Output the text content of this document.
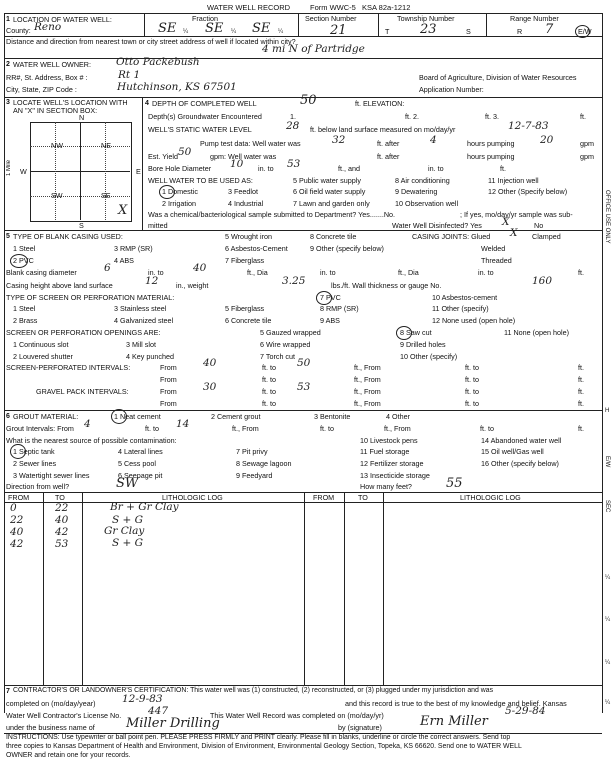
WATER WELL RECORD	Form WWC-5 KSA 82a-1212
1 LOCATION OF WATER WELL:	Fraction
County: Reno	SE ¼ SE ¼ SE ¼
Section Number
21
Township Number
T 23	S
Range Number
R 7	E/W
Distance and direction from nearest town or city street address of well if located within city?
4 mi N of Partridge
2 WATER WELL OWNER: Otto Packebush
RR#, St. Address, Box # :	Rt 1	Board of Agriculture, Division of Water Resources
City, State, ZIP Code :	Hutchinson, KS 67501	Application Number:
3 LOCATE WELL'S LOCATION WITH
AN "X" IN SECTION BOX:
N
S
W	E
1 Mile
NW	NE
SW	SE
X
4 DEPTH OF COMPLETED WELL	50	ft. ELEVATION:
Depth(s) Groundwater Encountered	1.	ft. 2.	ft. 3.	ft.
WELL'S STATIC WATER LEVEL	28 ft. below land surface measured on mo/day/yr	12-7-83
Pump test data: Well water was	32	ft. after	4	hours pumping 20	gpm
Est. Yield 50	gpm: Well water was	ft. after	hours pumping	gpm
Bore Hole Diameter 10 in. to 53	ft., and	in. to	ft.
WELL WATER TO BE USED AS:
1 Domestic
2 Irrigation
3 Feedlot
4 Industrial
5 Public water supply
6 Oil field water supply
7 Lawn and garden only
8 Air conditioning
9 Dewatering
10 Observation well
11 Injection well
12 Other (Specify below)
Was a chemical/bacteriological sample submitted to Department? Yes.......No.	; If yes, mo/day/yr sample was sub-
mitted	Water Well Disinfected? Yes X	No
5 TYPE OF BLANK CASING USED:
1 Steel
2 PVC
3 RMP (SR)
4 ABS
5 Wrought iron
6 Asbestos-Cement
7 Fiberglass
8 Concrete tile
9 Other (specify below)
CASING JOINTS: Glued X Clamped
Welded
Threaded
Blank casing diameter	6	in. to	40	ft., Dia	in. to	ft., Dia	in. to	ft.
Casing height above land surface	12 in., weight	3.25	lbs./ft. Wall thickness or gauge No.	160
TYPE OF SCREEN OR PERFORATION MATERIAL:
1 Steel
2 Brass
3 Stainless steel
4 Galvanized steel
5 Fiberglass
6 Concrete tile
7 PVC
8 RMP (SR)
9 ABS
10 Asbestos-cement
11 Other (specify)
12 None used (open hole)
SCREEN OR PERFORATION OPENINGS ARE:
1 Continuous slot
2 Louvered shutter
3 Mill slot
4 Key punched
5 Gauzed wrapped
6 Wire wrapped
7 Torch cut
8 Saw cut
9 Drilled holes
10 Other (specify)
11 None (open hole)
SCREEN-PERFORATED INTERVALS:	From 40	ft. to 50	ft., From	ft. to	ft.
From	ft. to	ft., From	ft. to	ft.
GRAVEL PACK INTERVALS:	From 30	ft. to 53	ft., From	ft. to	ft.
From	ft. to	ft., From	ft. to	ft.
6 GROUT MATERIAL:	1 Neat cement	2 Cement grout	3 Bentonite	4 Other
Grout Intervals: From 4	ft. to 14	ft., From	ft. to	ft., From	ft. to	ft.
What is the nearest source of possible contamination:
1 Septic tank
2 Sewer lines
3 Watertight sewer lines
4 Lateral lines
5 Cess pool
6 Seepage pit
7 Pit privy
8 Sewage lagoon
9 Feedyard
10 Livestock pens
11 Fuel storage
12 Fertilizer storage
13 Insecticide storage
14 Abandoned water well
15 Oil well/Gas well
16 Other (specify below)
Direction from well?	SW	How many feet?	55
FROM	TO	LITHOLOGIC LOG	FROM	TO	LITHOLOGIC LOG
0	22	Br + Gr Clay
22	40	S + G
40	42	Gr Clay
42	53	S + G
7 CONTRACTOR'S OR LANDOWNER'S CERTIFICATION: This water well was (1) constructed, (2) reconstructed, or (3) plugged under my jurisdiction and was
completed on (mo/day/year)	12-9-83	and this record is true to the best of my knowledge and belief. Kansas
Water Well Contractor's License No.	447	This Water Well Record was completed on (mo/day/yr)	5-29-84
under the business name of Miller Drilling	by (signature)	Ern Miller
INSTRUCTIONS: Use typewriter or ball point pen. PLEASE PRESS FIRMLY and PRINT clearly. Please fill in blanks, underline or circle the correct answers. Send top
three copies to Kansas Department of Health and Environment, Division of Environment, Environmental Geology Section, Topeka, KS 66620. Send one to WATER WELL
OWNER and retain one for your records.
OFFICE USE ONLY
H
E/W
SEC
¼
¼
¼
¼
